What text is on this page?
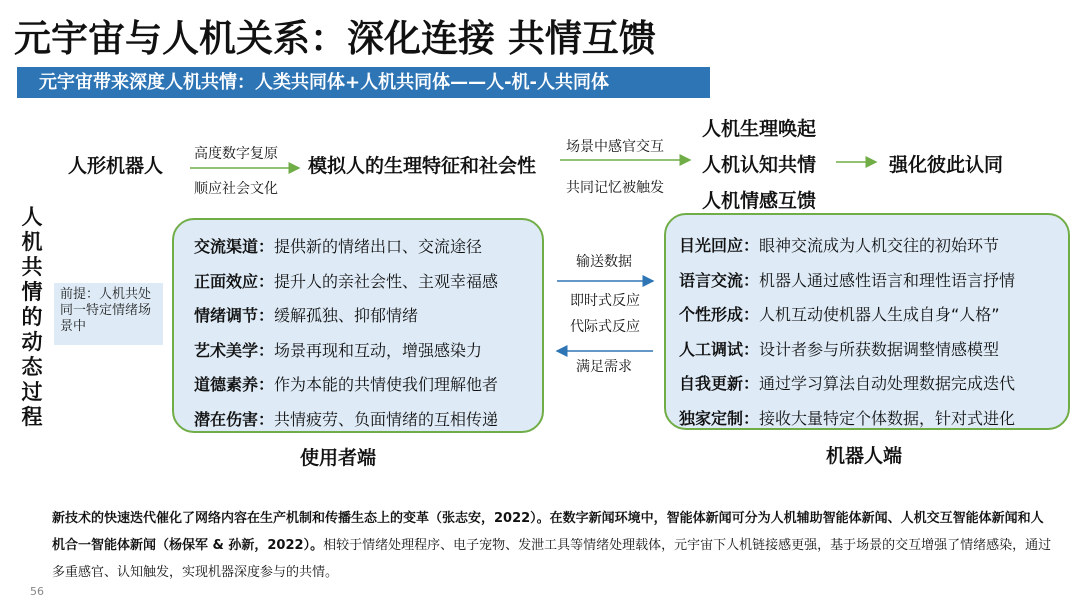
元宇宙与人机关系：深化连接 共情互馈
元宇宙带来深度人机共情：人类共同体+人机共同体——人-机-人共同体
人形机器人
高度数字复原
顺应社会文化
模拟人的生理特征和社会性
场景中感官交互
共同记忆被触发
人机生理唤起
人机认知共情
人机情感互馈
强化彼此认同
人
机
共
情
的
动
态
过
程
前提：人机共处同一特定情绪场景中
交流渠道：提供新的情绪出口、交流途径
正面效应：提升人的亲社会性、主观幸福感
情绪调节：缓解孤独、抑郁情绪
艺术美学：场景再现和互动，增强感染力
道德素养：作为本能的共情使我们理解他者
潜在伤害：共情疲劳、负面情绪的互相传递
使用者端
输送数据
即时式反应
代际式反应
满足需求
目光回应：眼神交流成为人机交往的初始环节
语言交流：机器人通过感性语言和理性语言抒情
个性形成：人机互动使机器人生成自身“人格”
人工调试：设计者参与所获数据调整情感模型
自我更新：通过学习算法自动处理数据完成迭代
独家定制：接收大量特定个体数据，针对式进化
机器人端
新技术的快速迭代催化了网络内容在生产机制和传播生态上的变革（张志安，2022）。在数字新闻环境中，智能体新闻可分为人机辅助智能体新闻、人机交互智能体新闻和人机合一智能体新闻（杨保军 & 孙新，2022）。相较于情绪处理程序、电子宠物、发泄工具等情绪处理载体，元宇宙下人机链接感更强，基于场景的交互增强了情绪感染，通过多重感官、认知触发，实现机器深度参与的共情。
56
